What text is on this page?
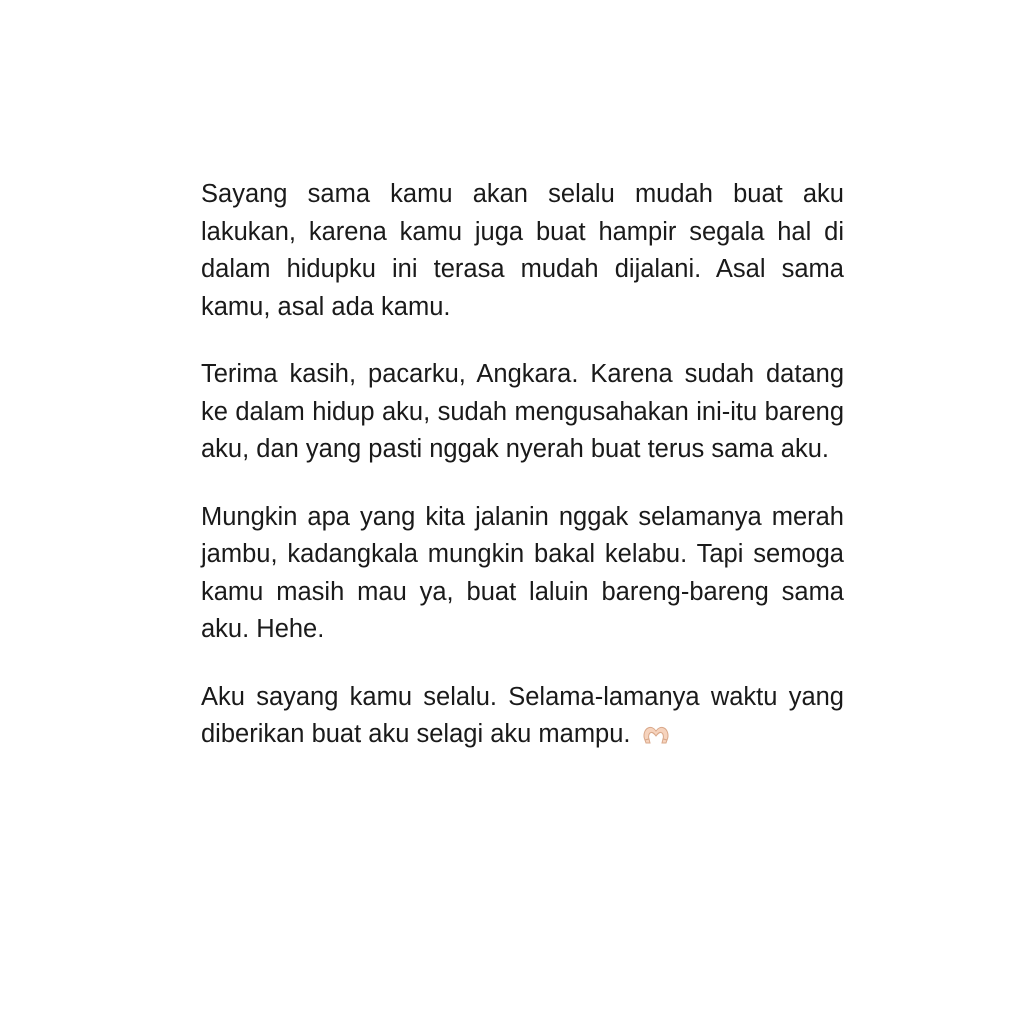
Sayang sama kamu akan selalu mudah buat aku lakukan, karena kamu juga buat hampir segala hal di dalam hidupku ini terasa mudah dijalani. Asal sama kamu, asal ada kamu.

Terima kasih, pacarku, Angkara. Karena sudah datang ke dalam hidup aku, sudah mengusahakan ini-itu bareng aku, dan yang pasti nggak nyerah buat terus sama aku.

Mungkin apa yang kita jalanin nggak selamanya merah jambu, kadangkala mungkin bakal kelabu. Tapi semoga kamu masih mau ya, buat laluin bareng-bareng sama aku. Hehe.

Aku sayang kamu selalu. Selama-lamanya waktu yang diberikan buat aku selagi aku mampu.
